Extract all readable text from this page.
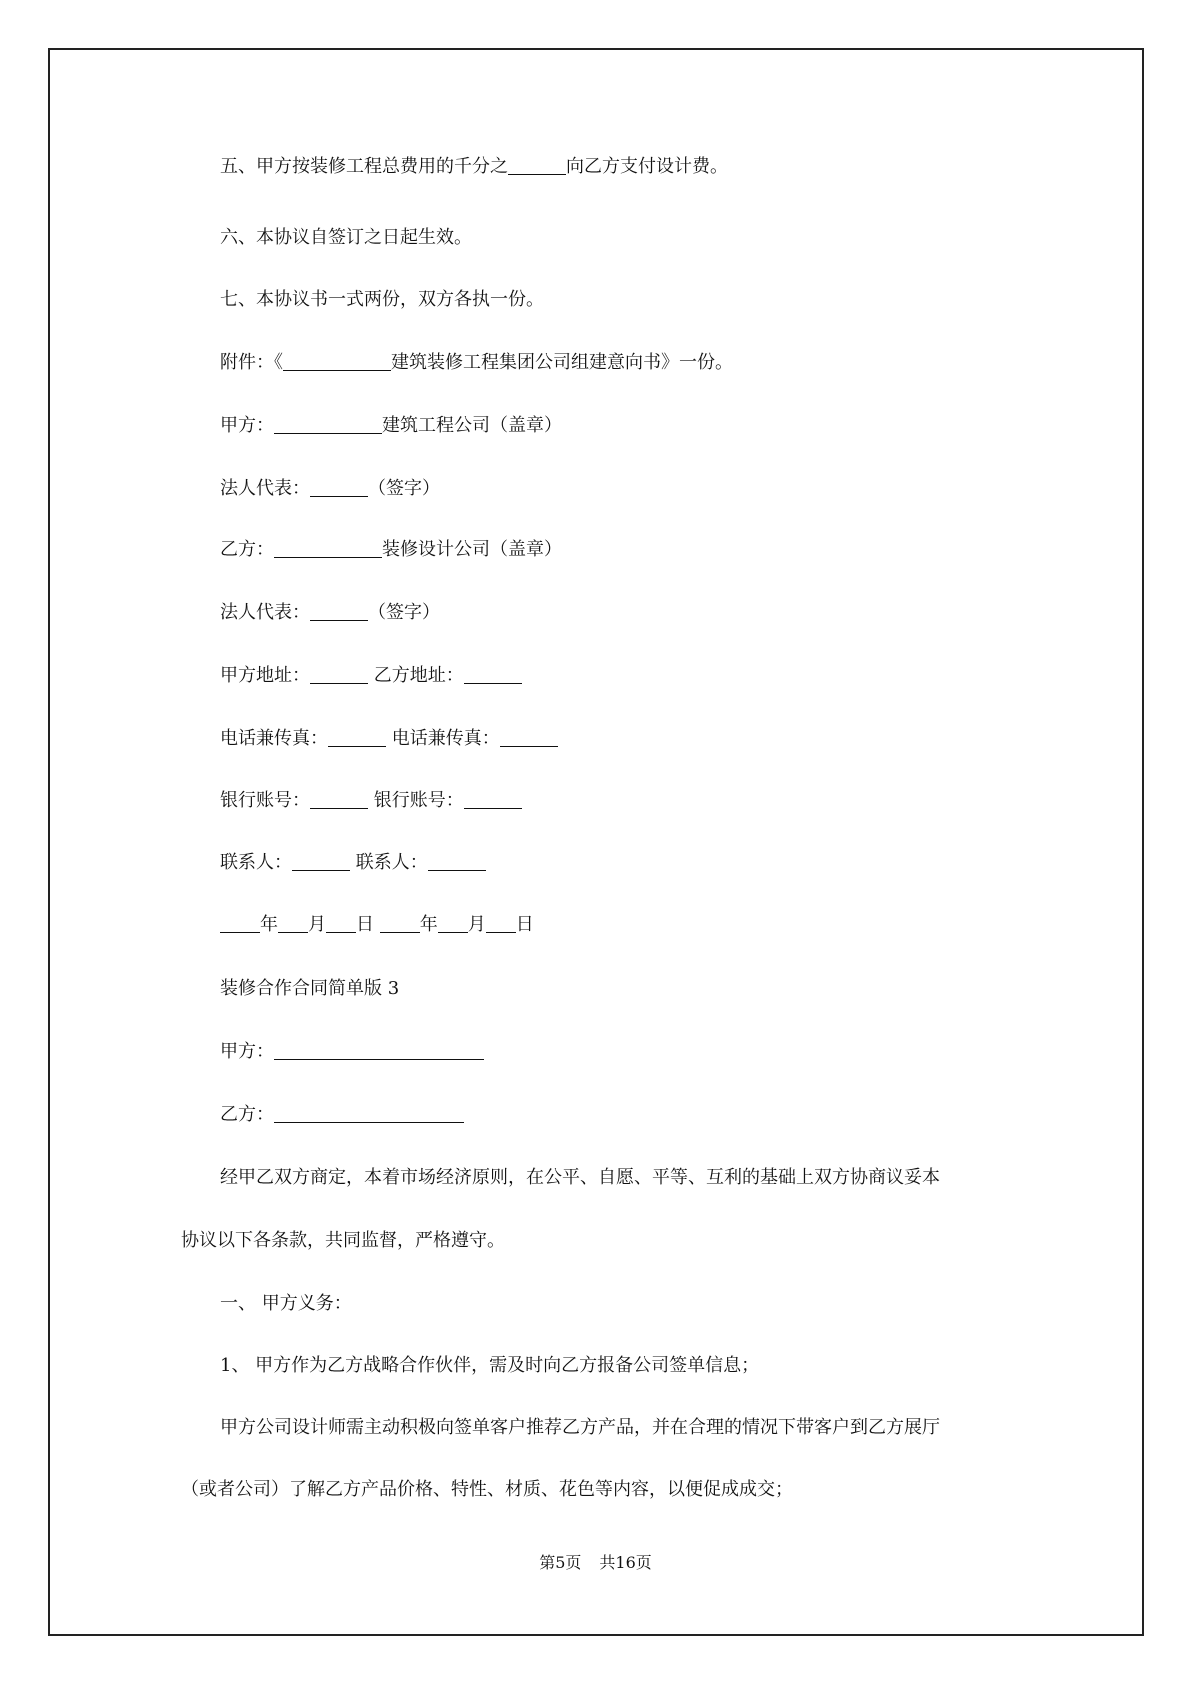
五、甲方按装修工程总费用的千分之	向乙方支付设计费。
六、本协议自签订之日起生效。
七、本协议书一式两份，双方各执一份。
附件：《	建筑装修工程集团公司组建意向书》一份。
甲方：	建筑工程公司（盖章）
法人代表：	（签字）
乙方：	装修设计公司（盖章）
法人代表：	（签字）
甲方地址：	乙方地址：
电话兼传真：	电话兼传真：
银行账号：	银行账号：
联系人：	联系人：
年 月 日	年 月 日
装修合作合同简单版 3
甲方：
乙方：
经甲乙双方商定，本着市场经济原则，在公平、自愿、平等、互利的基础上双方协商议妥本
协议以下各条款，共同监督，严格遵守。
一、 甲方义务：
1、 甲方作为乙方战略合作伙伴，需及时向乙方报备公司签单信息；
甲方公司设计师需主动积极向签单客户推荐乙方产品，并在合理的情况下带客户到乙方展厅
（或者公司）了解乙方产品价格、特性、材质、花色等内容，以便促成成交；
第5页 共16页
